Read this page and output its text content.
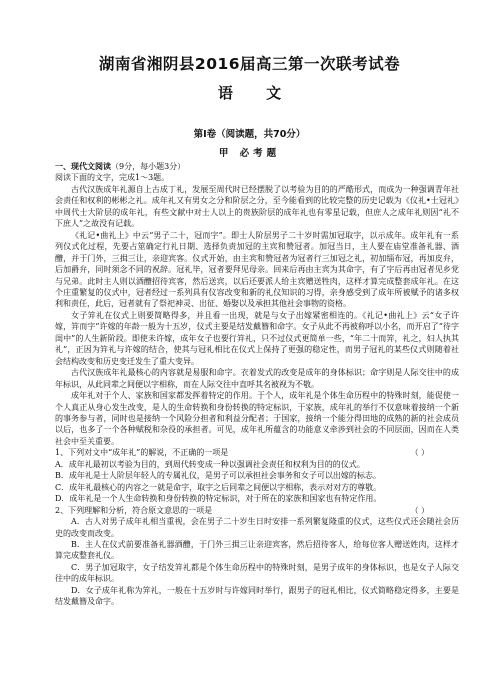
湖南省湘阴县2016届高三第一次联考试卷
语 文
第Ⅰ卷（阅读题，共70分）
甲 必考题

一、现代文阅读（9分，每小题3分）

阅读下面的文字，完成1～3题。

古代汉族成年礼源自上古成丁礼，发展至周代时已经摆脱了以考验为目的的严酷形式，而成为一种强调青年社会责任和权利的彬彬之礼。成年礼又有男女之分和阶层之分，至今能看到的比较完整的历史记载为《仪礼•士冠礼》中周代士大阶层的成年礼，有些文献中对士人以上的贵族阶层的成年礼也有零星记载，但庶人之成年礼则因“礼不下庶人”之故没有记载。

《礼记•曲礼上》中云“男子二十，冠而字”。即士人阶层男子二十岁时需加冠取字，以示成年。成年礼有一系列仪式化过程，先要占筮确定行礼日期、选择负责加冠的主宾和赞冠者。加冠当日，主人要在庙堂准备礼器、酒醴，并于门外，三揖三让，亲迎宾客。仪式开始，由主宾和赞冠者为冠者行三加冠之礼，初加缁布冠，再加皮弁，后加爵弁，同时须念不同的祝辞。冠礼毕，冠者要拜见母亲。回来后再由主宾为其命字，有了字后再由冠者见乡党与兄弟。此时主人则以酒醴招待宾客，然后送宾，以后还要派人给主宾赠送牲肉，这样才算完成整套成年礼。在这个庄重繁复的仪式中，冠者经过一系列具有仪容改变和新的礼仪知识的习得，亲身感受到了成年所被赋予的诸多权利和责任，此后，冠者就有了祭祀神灵、出征、婚娶以及承担其他社会事物的资格。

女子笄礼在仪式上则要简略得多，并且看一出现，就是与女子出嫁紧密相连的。《礼记•曲礼上》云“女子许嫁，笄而字”许嫁的年龄一般为十五岁，仪式主要是结发戴簪和命字。女子从此不再被称呼以小名，而开启了“待字闺中”的人生新阶段。即使未许嫁，成年女子也要行笄礼，只不过仪式更简单一些，“年二十而笄，礼之，妇人执其礼”，正因为笄礼与许嫁的结合，使其与冠礼相比在仪式上保持了更强的稳定性，而男子冠礼的某些仪式则随着社会结构改变和历史变迁发生了重大变异。

古代汉族成年礼最核心的内容就是易服和命字。衣着发式的改变是成年的身体标识；命字则是人际交往中的成年标识，从此同辈之间便以字相称，而在人际交往中直呼其名被视为不敬。

成年礼对于个人、家族和国家都发挥着特定的作用。于个人，成年礼是个体生命历程中的特殊时刻，能促使一个人真正从身心发生改变，是人的生命转换和身份转换的特定标识，于家族，成年礼的举行不仅意味着接纳一个新的事务参与者，同时也是接纳一个风险分担者和利益分配者；于国家，接纳一个能分得田地的成熟的新的社会成员以后，也多了一个各种赋税和杂役的承担者。可见，成年礼所蕴含的功能意义牵涉到社会的不同层面，因而在人类社会中至关重要。

1、下列对文中“成年礼”的解说，不正确的一项是	（ ）

A．成年礼最初以考验为目的，到周代转变成一种以强调社会责任和权利为目的的仪式。

B．成年礼是士人阶层年轻人的专属礼仪，是男子可以承担社会事务和女子可以出嫁的标志。

C．成年礼最核心的内容之一就是命字，取字之后同辈之间便以字相称，表示对对方的尊敬。

D．成年礼是一个人生命转换和身份转换的特定标识，对于所在的家族和国家也有特定作用。

2、下列理解和分析，符合原文意思的一项是	（ ）

A．古人对男子成年礼相当重视，会在男子二十岁生日时安排一系列繁复隆重的仪式，这些仪式还会随社会历史的改变而改变。

B．主人在仪式前要准备礼器酒醴，于门外三揖三让亲迎宾客，然后招待客人，给每位客人赠送姓肉，这样才算完成整套礼仪。

C．男子加冠取字，女子结发笄礼都是个体生命历程中的特殊时刻，是男子成年的身体标识，也是女子人际交往中的成年标识。

D．女子成年礼称为笄礼，一般在十五岁时与许嫁同时举行，跟男子的冠礼相比，仪式简略稳定得多，主要是结发戴簪及命字。
